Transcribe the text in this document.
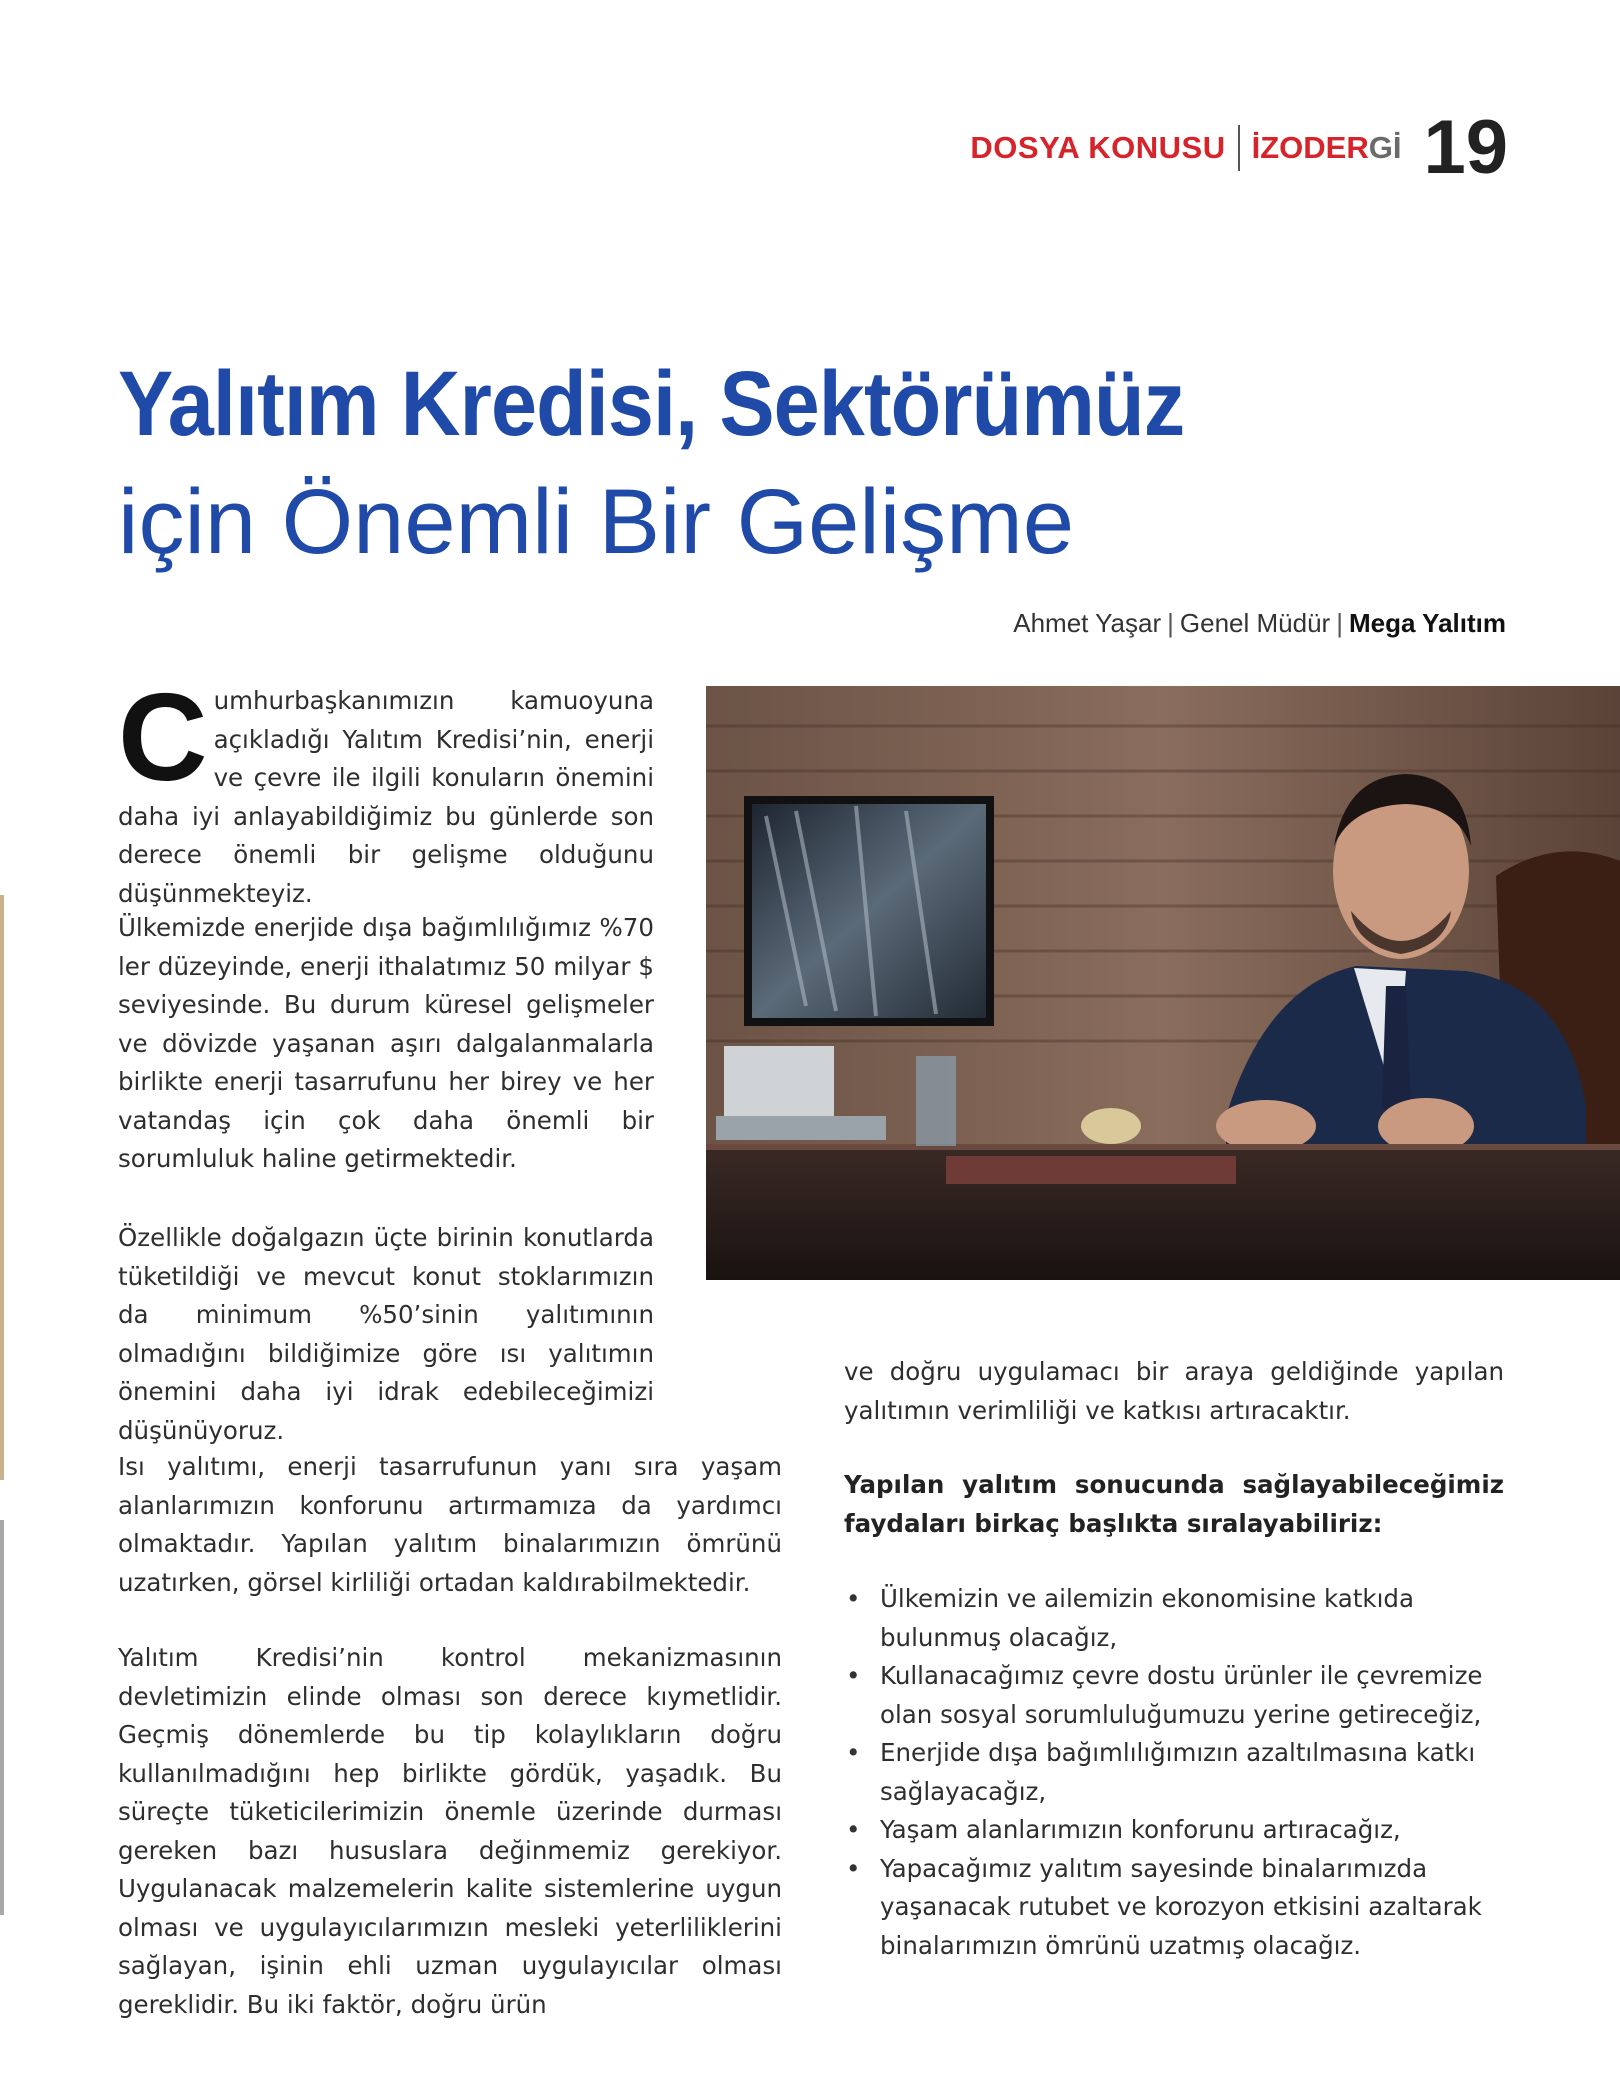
DOSYA KONUSU İZODER Gİ 19
Yalıtım Kredisi, Sektörümüz
için Önemli Bir Gelişme
Ahmet Yaşar | Genel Müdür | Mega Yalıtım
C umhurbaşkanımızın kamuoyuna açıkladığı Yalıtım Kredisi’nin, enerji ve çevre ile ilgili konuların önemini daha iyi anlayabildiğimiz bu günlerde son derece önemli bir gelişme olduğunu düşünmekteyiz.

Ülkemizde enerjide dışa bağımlılığımız %70 ler düzeyinde, enerji ithalatımız 50 milyar $ seviyesinde. Bu durum küresel gelişmeler ve dövizde yaşanan aşırı dalgalanmalarla birlikte enerji tasarrufunu her birey ve her vatandaş için çok daha önemli bir sorumluluk haline getirmektedir.

Özellikle doğalgazın üçte birinin konutlarda tüketildiği ve mevcut konut stoklarımızın da minimum %50’sinin yalıtımının olmadığını bildiğimize göre ısı yalıtımın önemini daha iyi idrak edebileceğimizi düşünüyoruz.

Isı yalıtımı, enerji tasarrufunun yanı sıra yaşam alanlarımızın konforunu artırmamıza da yardımcı olmaktadır. Yapılan yalıtım binalarımızın ömrünü uzatırken, görsel kirliliği ortadan kaldırabilmektedir.

Yalıtım Kredisi’nin kontrol mekanizmasının devletimizin elinde olması son derece kıymetlidir. Geçmiş dönemlerde bu tip kolaylıkların doğru kullanılmadığını hep birlikte gördük, yaşadık. Bu süreçte tüketicilerimizin önemle üzerinde durması gereken bazı hususlara değinmemiz gerekiyor. Uygulanacak malzemelerin kalite sistemlerine uygun olması ve uygulayıcılarımızın mesleki yeterliliklerini sağlayan, işinin ehli uzman uygulayıcılar olması gereklidir. Bu iki faktör, doğru ürün

ve doğru uygulamacı bir araya geldiğinde yapılan yalıtımın verimliliği ve katkısı artıracaktır.

Yapılan yalıtım sonucunda sağlayabileceğimiz faydaları birkaç başlıkta sıralayabiliriz:

• Ülkemizin ve ailemizin ekonomisine katkıda bulunmuş olacağız,
• Kullanacağımız çevre dostu ürünler ile çevremize olan sosyal sorumluluğumuzu yerine getireceğiz,
• Enerjide dışa bağımlılığımızın azaltılmasına katkı sağlayacağız,
• Yaşam alanlarımızın konforunu artıracağız,
• Yapacağımız yalıtım sayesinde binalarımızda yaşanacak rutubet ve korozyon etkisini azaltarak binalarımızın ömrünü uzatmış olacağız.
